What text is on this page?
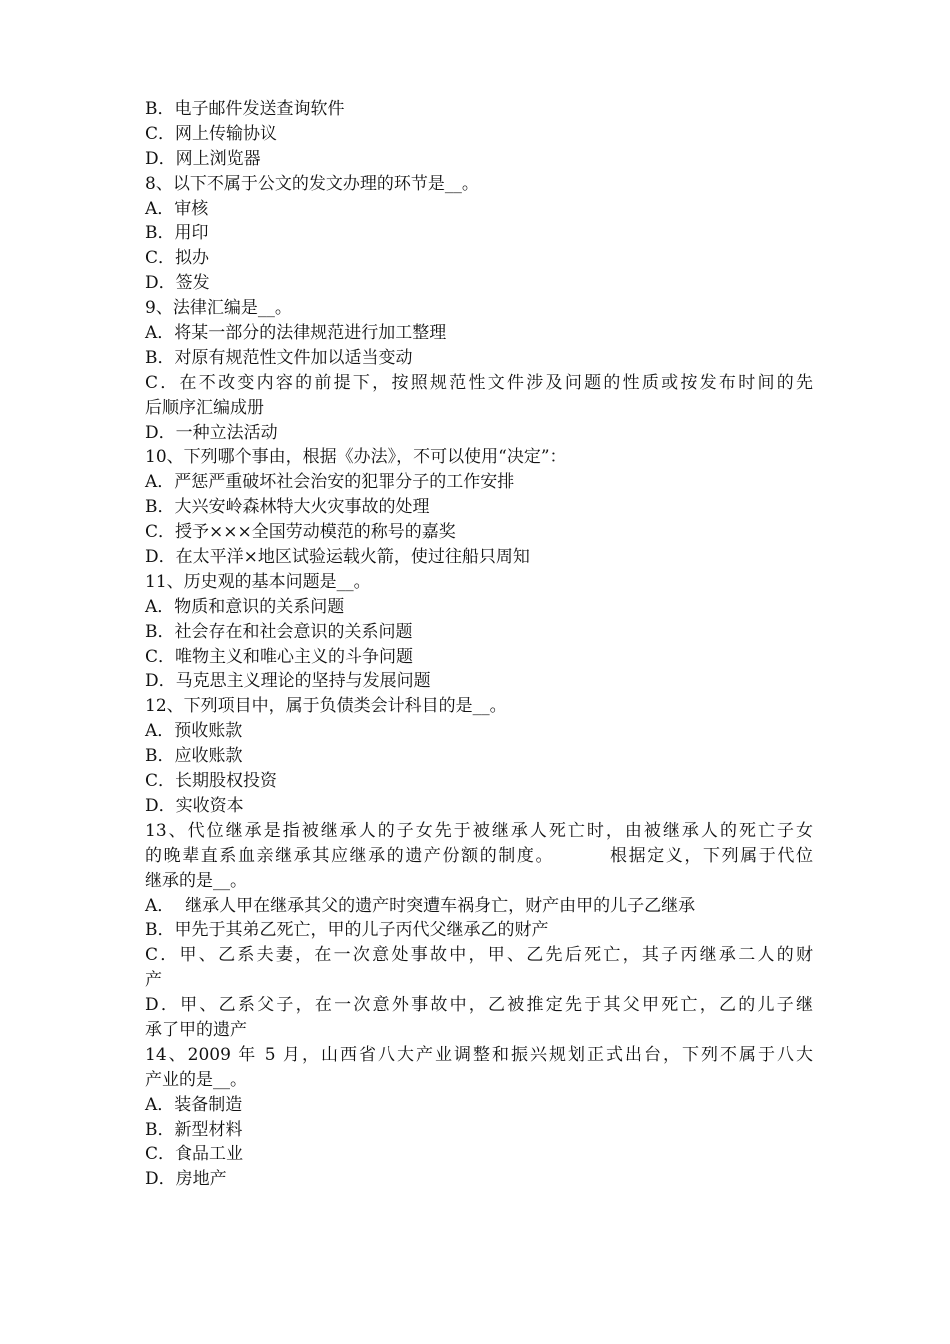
B．电子邮件发送查询软件
C．网上传输协议
D．网上浏览器
8、以下不属于公文的发文办理的环节是__。
A．审核
B．用印
C．拟办
D．签发
9、法律汇编是__。
A．将某一部分的法律规范进行加工整理
B．对原有规范性文件加以适当变动
C．在不改变内容的前提下，按照规范性文件涉及问题的性质或按发布时间的先
后顺序汇编成册
D．一种立法活动
10、下列哪个事由，根据《办法》，不可以使用“决定”：
A．严惩严重破坏社会治安的犯罪分子的工作安排
B．大兴安岭森林特大火灾事故的处理
C．授予×××全国劳动模范的称号的嘉奖
D．在太平洋×地区试验运载火箭，使过往船只周知
11、历史观的基本问题是__。
A．物质和意识的关系问题
B．社会存在和社会意识的关系问题
C．唯物主义和唯心主义的斗争问题
D．马克思主义理论的坚持与发展问题
12、下列项目中，属于负债类会计科目的是__。
A．预收账款
B．应收账款
C．长期股权投资
D．实收资本
13、代位继承是指被继承人的子女先于被继承人死亡时，由被继承人的死亡子女
的晚辈直系血亲继承其应继承的遗产份额的制度。        根据定义，下列属于代位
继承的是__。
A．  继承人甲在继承其父的遗产时突遭车祸身亡，财产由甲的儿子乙继承
B．甲先于其弟乙死亡，甲的儿子丙代父继承乙的财产
C．甲、乙系夫妻，在一次意处事故中，甲、乙先后死亡，其子丙继承二人的财
产
D．甲、乙系父子，在一次意外事故中，乙被推定先于其父甲死亡，乙的儿子继
承了甲的遗产
14、2009 年 5 月，山西省八大产业调整和振兴规划正式出台，下列不属于八大
产业的是__。
A．装备制造
B．新型材料
C．食品工业
D．房地产
